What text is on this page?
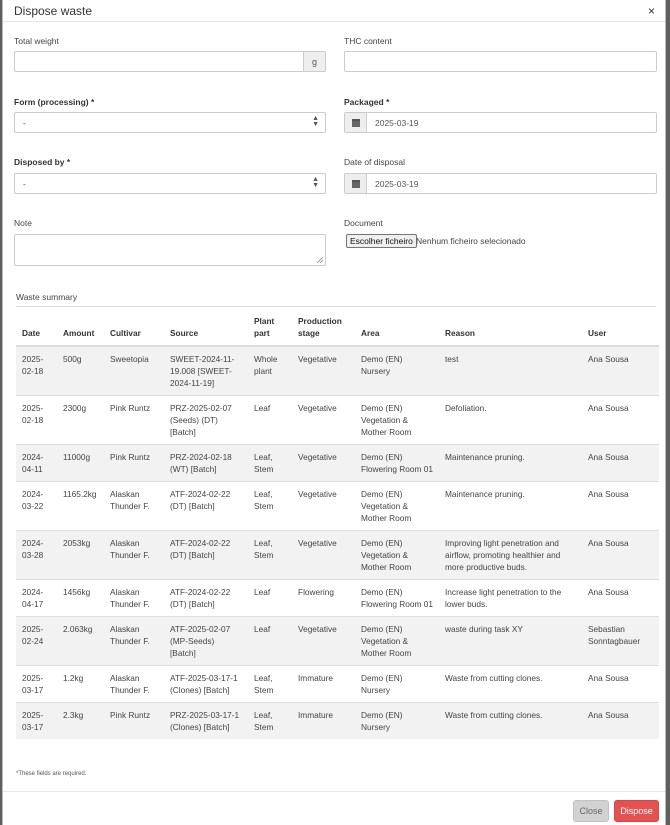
Dispose waste	×
Total weight
g
THC content
Form (processing) *
-	▲
▼
Packaged *
2025-03-19
Disposed by *
-	▲
▼
Date of disposal
2025-03-19
Note	Document
Escolher ficheiro Nenhum ficheiro selecionado
Waste summary
Date	Amount	Cultivar	Source	Plant part	Production stage	Area	Reason	User
2025-02-18	500g	Sweetopia	SWEET-2024-11-19.008 [SWEET-2024-11-19]	Whole plant	Vegetative	Demo (EN) Nursery	test	Ana Sousa
2025-02-18	2300g	Pink Runtz	PRZ-2025-02-07 (Seeds) (DT) [Batch]	Leaf	Vegetative	Demo (EN) Vegetation & Mother Room	Defoliation.	Ana Sousa
2024-04-11	11000g	Pink Runtz	PRZ-2024-02-18 (WT) [Batch]	Leaf, Stem	Vegetative	Demo (EN) Flowering Room 01	Maintenance pruning.	Ana Sousa
2024-03-22	1165.2kg	Alaskan Thunder F.	ATF-2024-02-22 (DT) [Batch]	Leaf, Stem	Vegetative	Demo (EN) Vegetation & Mother Room	Maintenance pruning.	Ana Sousa
2024-03-28	2053kg	Alaskan Thunder F.	ATF-2024-02-22 (DT) [Batch]	Leaf, Stem	Vegetative	Demo (EN) Vegetation & Mother Room	Improving light penetration and airflow, promoting healthier and more productive buds.	Ana Sousa
2024-04-17	1456kg	Alaskan Thunder F.	ATF-2024-02-22 (DT) [Batch]	Leaf	Flowering	Demo (EN) Flowering Room 01	Increase light penetration to the lower buds.	Ana Sousa
2025-02-24	2.063kg	Alaskan Thunder F.	ATF-2025-02-07 (MP-Seeds) [Batch]	Leaf	Vegetative	Demo (EN) Vegetation & Mother Room	waste during task XY	Sebastian Sonntagbauer
2025-03-17	1.2kg	Alaskan Thunder F.	ATF-2025-03-17-1 (Clones) [Batch]	Leaf, Stem	Immature	Demo (EN) Nursery	Waste from cutting clones.	Ana Sousa
2025-03-17	2.3kg	Pink Runtz	PRZ-2025-03-17-1 (Clones) [Batch]	Leaf, Stem	Immature	Demo (EN) Nursery	Waste from cutting clones.	Ana Sousa
*These fields are required.
Close	Dispose
